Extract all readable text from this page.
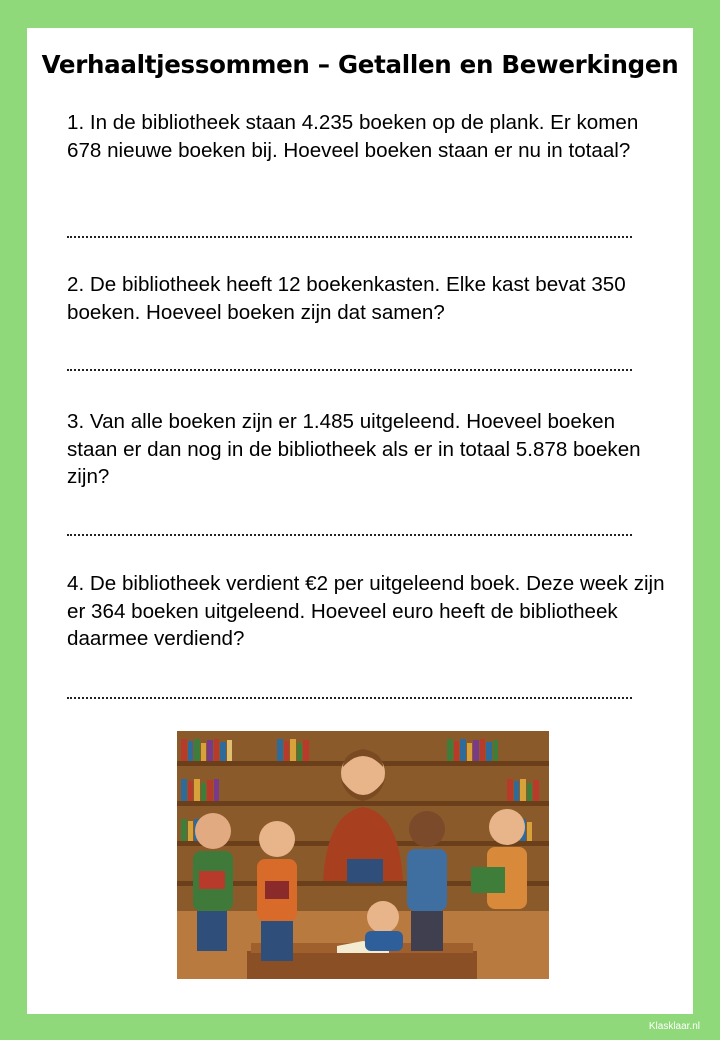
Verhaaltjessommen – Getallen en Bewerkingen

1. In de bibliotheek staan 4.235 boeken op de plank. Er komen 678 nieuwe boeken bij. Hoeveel boeken staan er nu in totaal?

2. De bibliotheek heeft 12 boekenkasten. Elke kast bevat 350 boeken. Hoeveel boeken zijn dat samen?

3. Van alle boeken zijn er 1.485 uitgeleend. Hoeveel boeken staan er dan nog in de bibliotheek als er in totaal 5.878 boeken zijn?

4. De bibliotheek verdient €2 per uitgeleend boek. Deze week zijn er 364 boeken uitgeleend. Hoeveel euro heeft de bibliotheek daarmee verdiend?

Klasklaar.nl
